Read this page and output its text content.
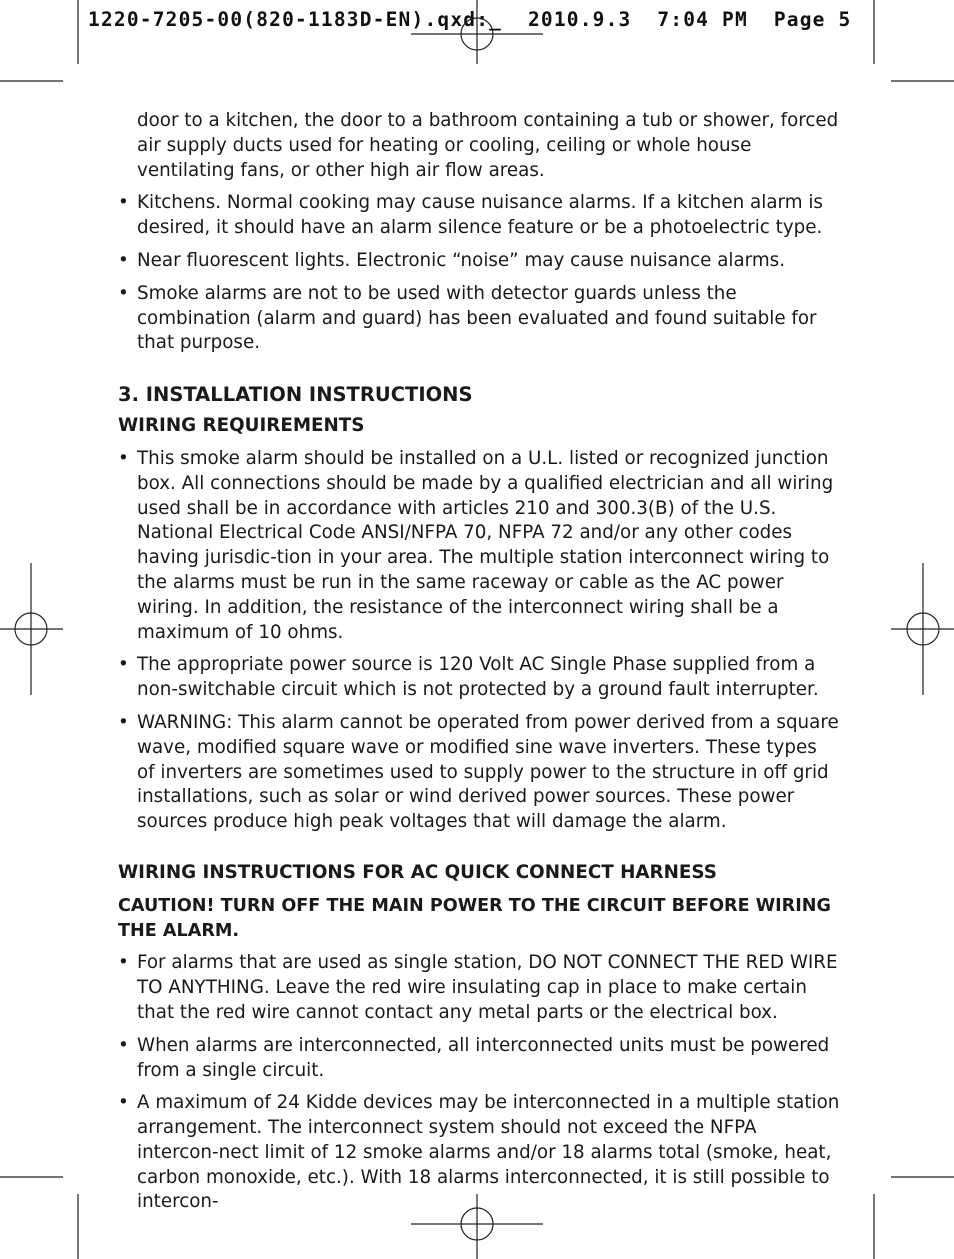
1220-7205-00(820-1183D-EN).qxd:_  2010.9.3  7:04 PM  Page 5

door to a kitchen, the door to a bathroom containing a tub or shower, forced air supply ducts used for heating or cooling, ceiling or whole house ventilating fans, or other high air flow areas.

• Kitchens. Normal cooking may cause nuisance alarms. If a kitchen alarm is desired, it should have an alarm silence feature or be a photoelectric type.
• Near fluorescent lights. Electronic “noise” may cause nuisance alarms.
• Smoke alarms are not to be used with detector guards unless the combination (alarm and guard) has been evaluated and found suitable for that purpose.
3. INSTALLATION INSTRUCTIONS
WIRING REQUIREMENTS
• This smoke alarm should be installed on a U.L. listed or recognized junction box. All connections should be made by a qualified electrician and all wiring used shall be in accordance with articles 210 and 300.3(B) of the U.S. National Electrical Code ANSI/NFPA 70, NFPA 72 and/or any other codes having jurisdic-tion in your area. The multiple station interconnect wiring to the alarms must be run in the same raceway or cable as the AC power wiring. In addition, the resistance of the interconnect wiring shall be a maximum of 10 ohms.
• The appropriate power source is 120 Volt AC Single Phase supplied from a non-switchable circuit which is not protected by a ground fault interrupter.
• WARNING: This alarm cannot be operated from power derived from a square wave, modified square wave or modified sine wave inverters. These types of inverters are sometimes used to supply power to the structure in off grid installations, such as solar or wind derived power sources. These power sources produce high peak voltages that will damage the alarm.
WIRING INSTRUCTIONS FOR AC QUICK CONNECT HARNESS
CAUTION! TURN OFF THE MAIN POWER TO THE CIRCUIT BEFORE WIRING THE ALARM.
• For alarms that are used as single station, DO NOT CONNECT THE RED WIRE TO ANYTHING. Leave the red wire insulating cap in place to make certain that the red wire cannot contact any metal parts or the electrical box.
• When alarms are interconnected, all interconnected units must be powered from a single circuit.
• A maximum of 24 Kidde devices may be interconnected in a multiple station arrangement. The interconnect system should not exceed the NFPA intercon-nect limit of 12 smoke alarms and/or 18 alarms total (smoke, heat, carbon monoxide, etc.). With 18 alarms interconnected, it is still possible to intercon-
